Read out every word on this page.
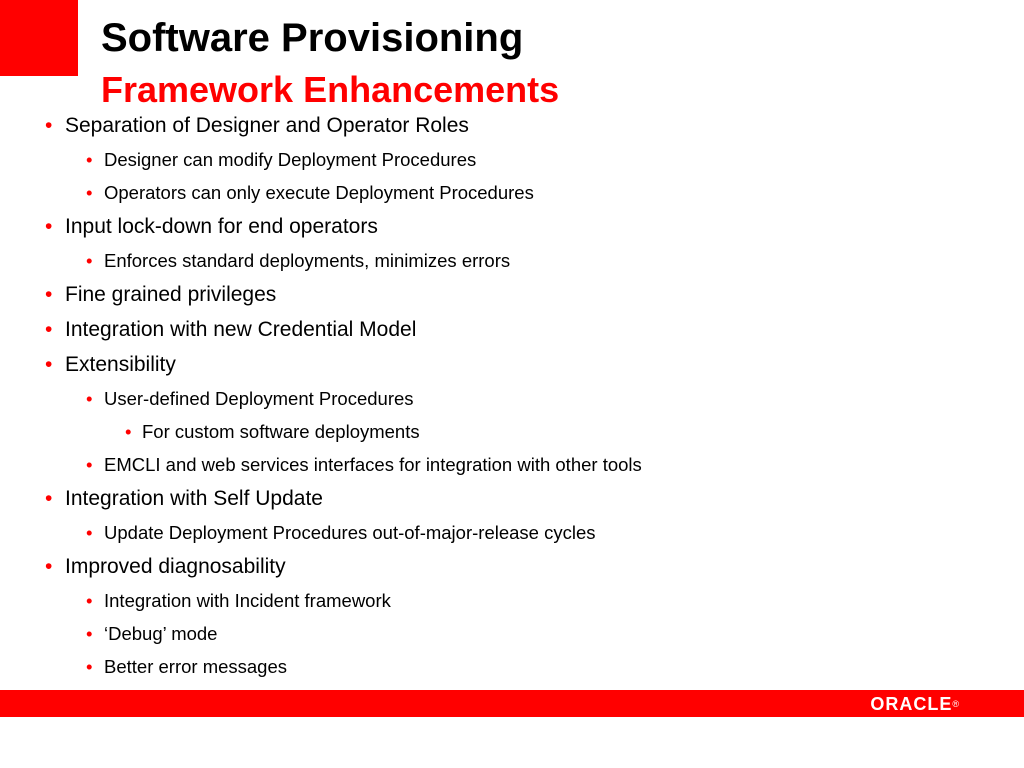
Software Provisioning
Framework Enhancements
• Separation of Designer and Operator Roles
• Designer can modify Deployment Procedures
• Operators can only execute Deployment Procedures
• Input lock-down for end operators
• Enforces standard deployments, minimizes errors
• Fine grained privileges
• Integration with new Credential Model
• Extensibility
• User-defined Deployment Procedures
• For custom software deployments
• EMCLI and web services interfaces for integration with other tools
• Integration with Self Update
• Update Deployment Procedures out-of-major-release cycles
• Improved diagnosability
• Integration with Incident framework
• ‘Debug’ mode
• Better error messages
ORACLE®
